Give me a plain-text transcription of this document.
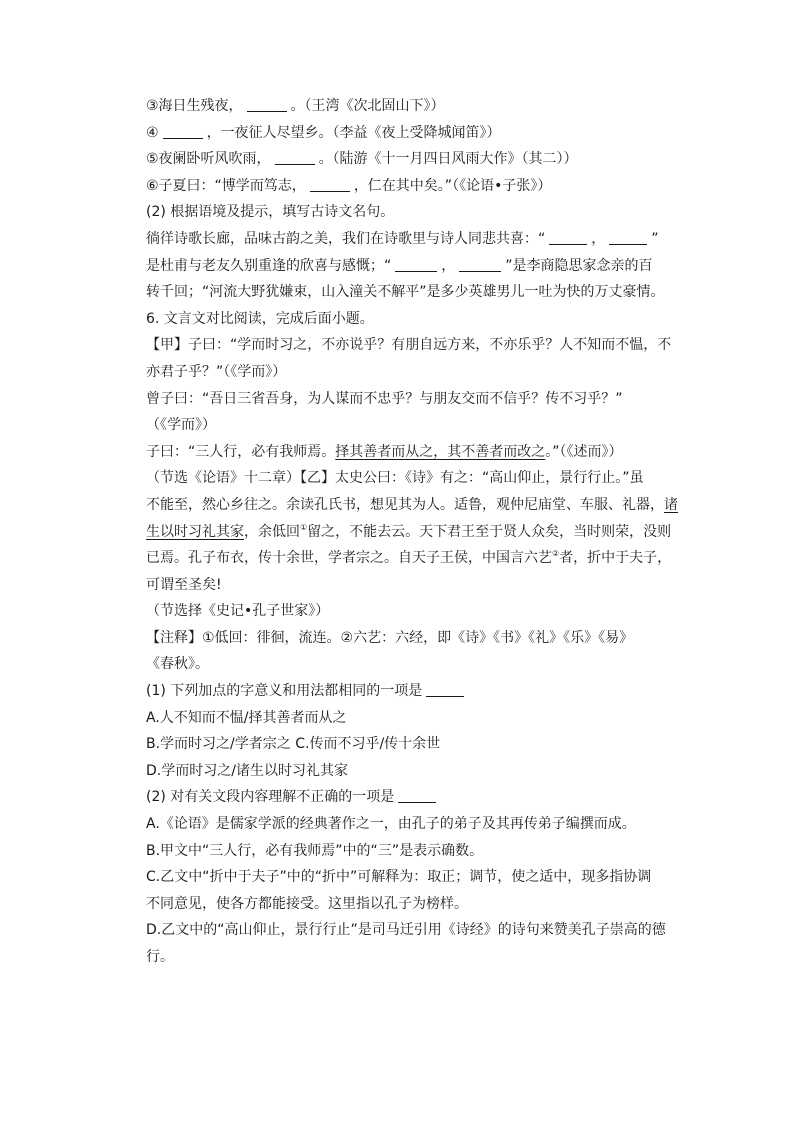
③海日生残夜，	。（王湾《次北固山下》）
④	，一夜征人尽望乡。（李益《夜上受降城闻笛》）
⑤夜阑卧听风吹雨，	。（陆游《十一月四日风雨大作》（其二））
⑥子夏曰：“博学而笃志，	，仁在其中矣。”（《论语•子张》）
(2) 根据语境及提示，填写古诗文名句。
徜徉诗歌长廊，品味古韵之美，我们在诗歌里与诗人同悲共喜：“	，	”
是杜甫与老友久别重逢的欣喜与感慨；“	，	”是李商隐思家念亲的百
转千回；“河流大野犹嫌束，山入潼关不解平”是多少英雄男儿一吐为快的万丈豪情。
6. 文言文对比阅读，完成后面小题。
【甲】子曰：“学而时习之，不亦说乎？有朋自远方来，不亦乐乎？人不知而不愠，不
亦君子乎？”（《学而》）
曾子曰：“吾日三省吾身，为人谋而不忠乎？与朋友交而不信乎？传不习乎？”
（《学而》）
子曰：“三人行，必有我师焉。择其善者而从之，其不善者而改之。”（《述而》）
（节选《论语》十二章）【乙】太史公曰：《诗》有之：“高山仰止，景行行止。”虽
不能至，然心乡往之。余读孔氏书，想见其为人。适鲁，观仲尼庙堂、车服、礼器，诸
生以时习礼其家，余低回①留之，不能去云。天下君王至于贤人众矣，当时则荣，没则
已焉。孔子布衣，传十余世，学者宗之。自天子王侯，中国言六艺②者，折中于夫子，
可谓至圣矣!
（节选择《史记•孔子世家》）
【注释】①低回：徘徊，流连。②六艺：六经，即《诗》《书》《礼》《乐》《易》
《春秋》。
(1) 下列加点的字意义和用法都相同的一项是
A.人不知而不愠/择其善者而从之
B.学而时习之/学者宗之 C.传而不习乎/传十余世
D.学而时习之/诸生以时习礼其家
(2) 对有关文段内容理解不正确的一项是
A.《论语》是儒家学派的经典著作之一，由孔子的弟子及其再传弟子编撰而成。
B.甲文中“三人行，必有我师焉”中的“三”是表示确数。
C.乙文中“折中于夫子”中的“折中”可解释为：取正；调节，使之适中，现多指协调
不同意见，使各方都能接受。这里指以孔子为榜样。
D.乙文中的“高山仰止，景行行止”是司马迁引用《诗经》的诗句来赞美孔子崇高的德
行。
